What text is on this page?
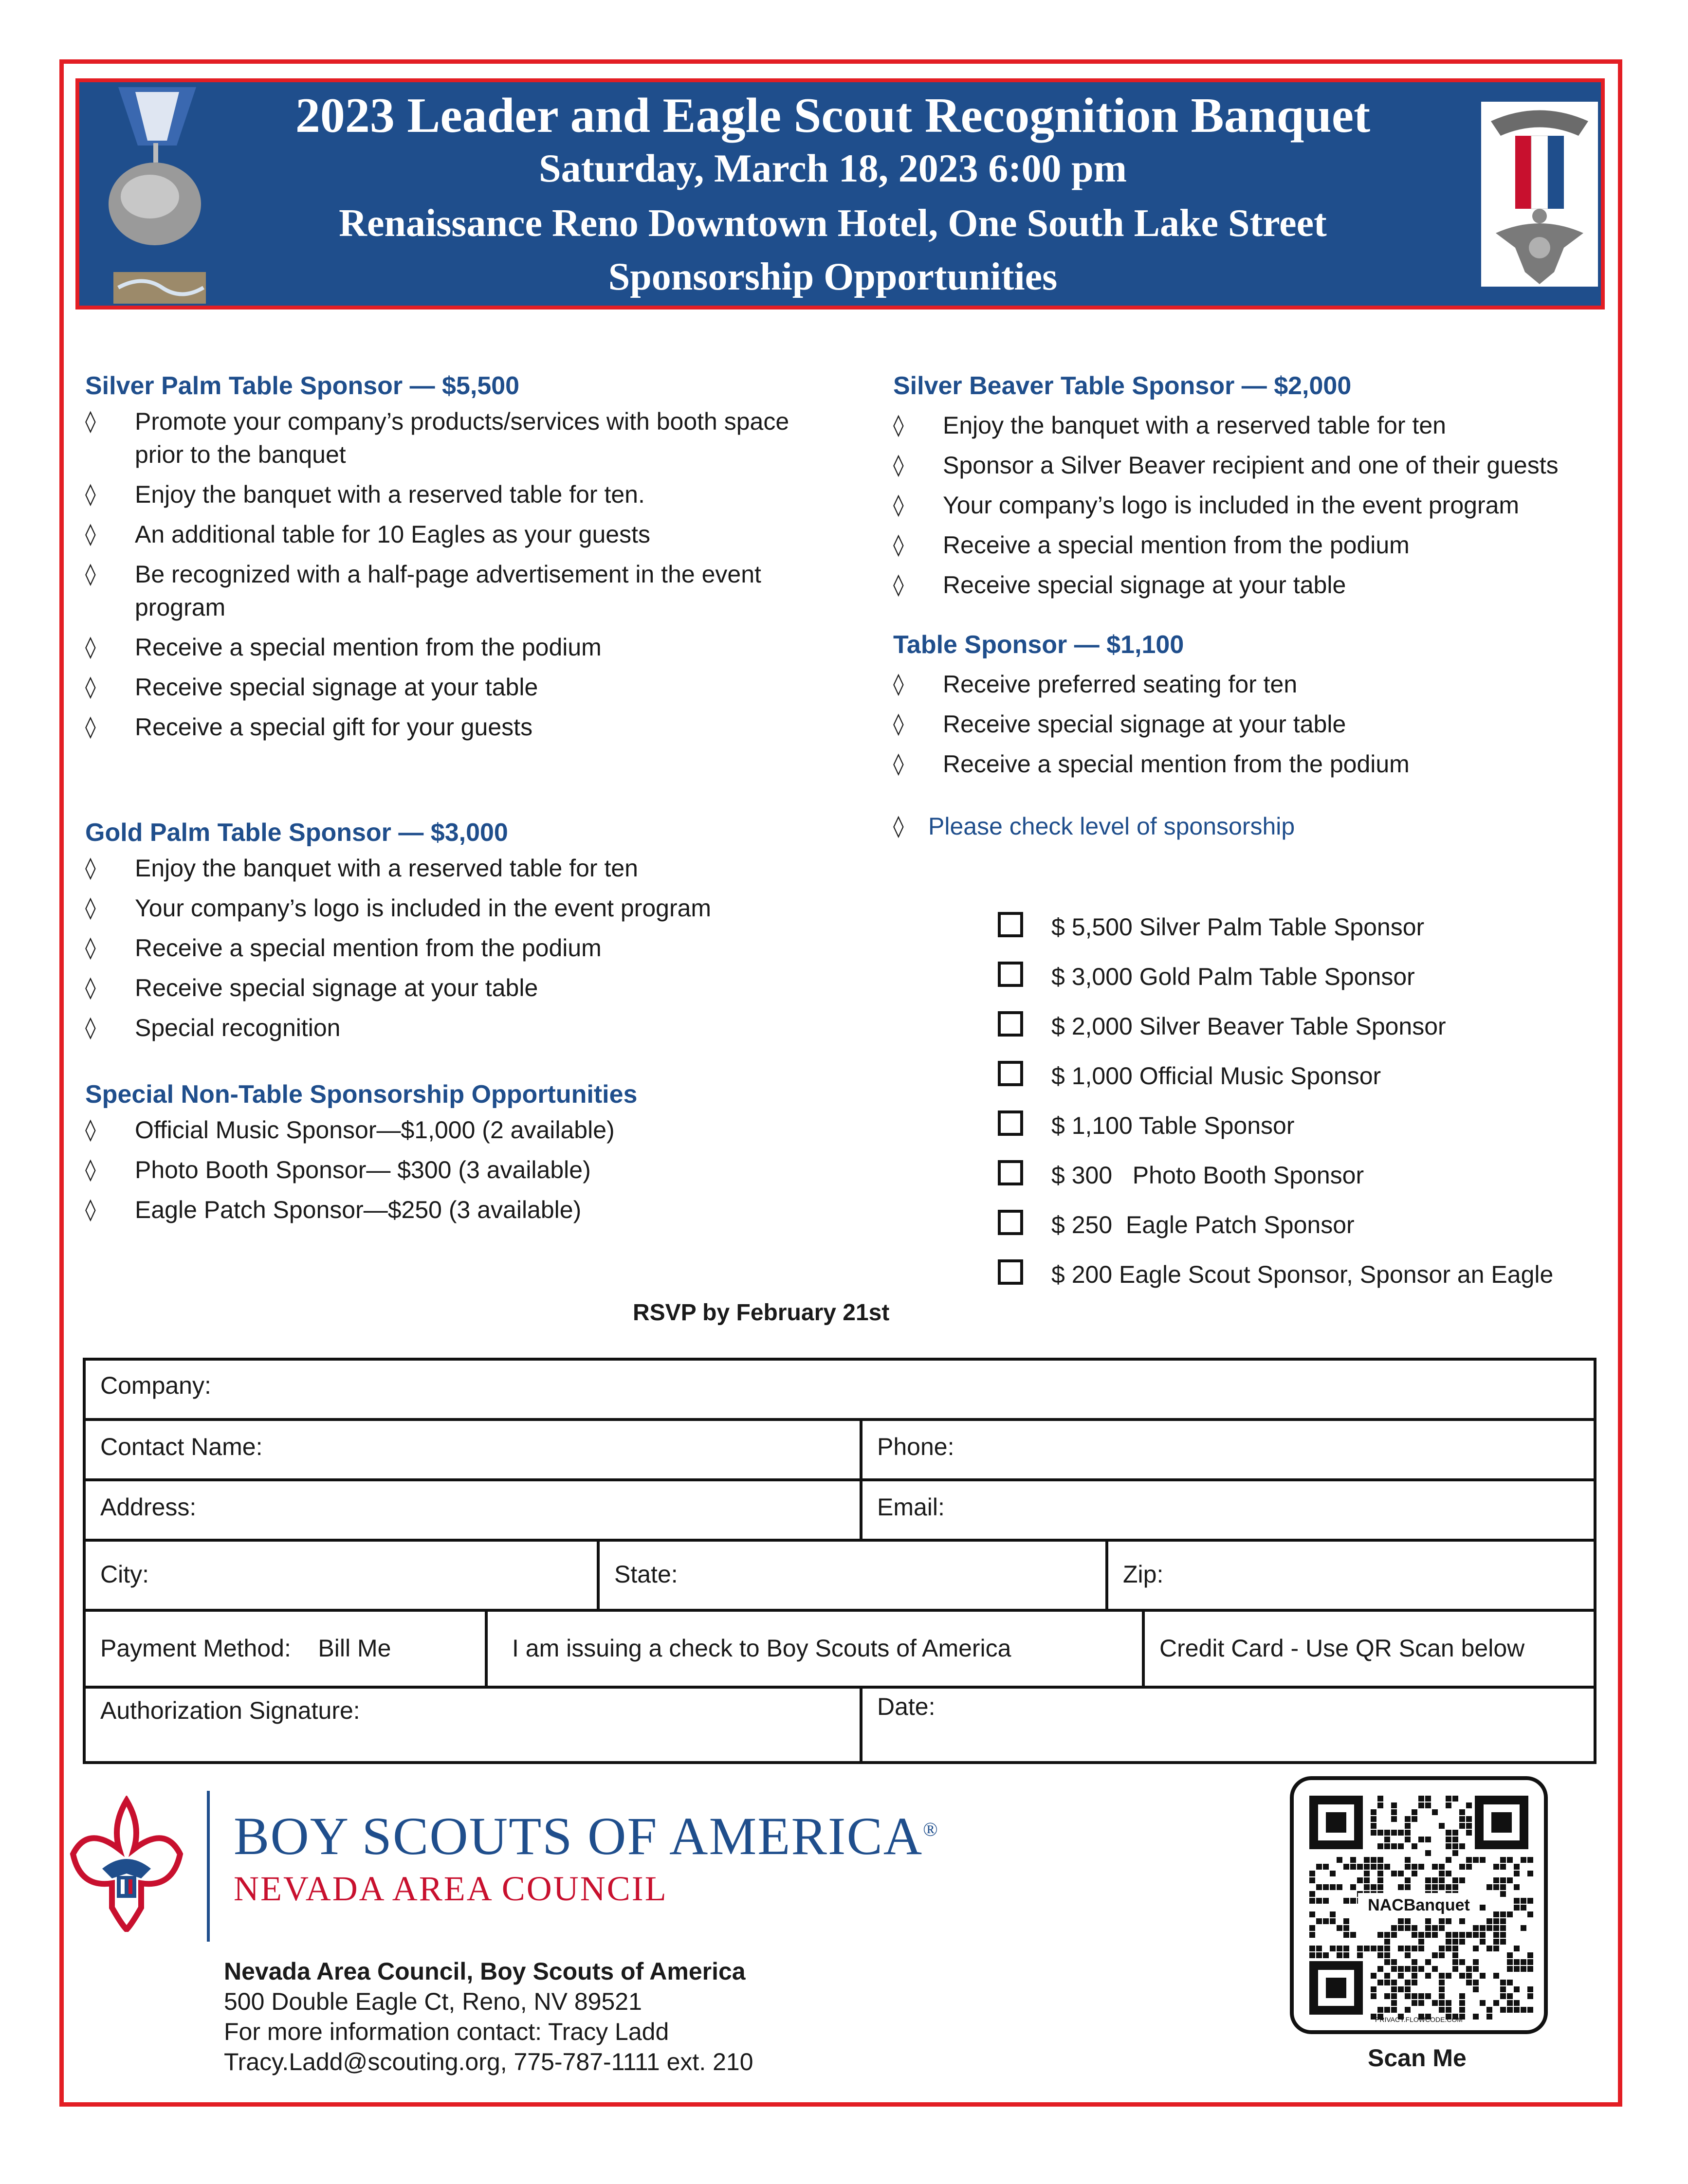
2023 Leader and Eagle Scout Recognition Banquet
Saturday, March 18, 2023 6:00 pm
Renaissance Reno Downtown Hotel, One South Lake Street
Sponsorship Opportunities

Silver Palm Table Sponsor — $5,500

◊ Promote your company’s products/services with booth space prior to the banquet
◊ Enjoy the banquet with a reserved table for ten.
◊ An additional table for 10 Eagles as your guests
◊ Be recognized with a half-page advertisement in the event program
◊ Receive a special mention from the podium
◊ Receive special signage at your table
◊ Receive a special gift for your guests

Gold Palm Table Sponsor — $3,000

◊ Enjoy the banquet with a reserved table for ten
◊ Your company’s logo is included in the event program
◊ Receive a special mention from the podium
◊ Receive special signage at your table
◊ Special recognition

Special Non-Table Sponsorship Opportunities

◊ Official Music Sponsor—$1,000 (2 available)
◊ Photo Booth Sponsor— $300 (3 available)
◊ Eagle Patch Sponsor—$250 (3 available)

Silver Beaver Table Sponsor — $2,000

◊ Enjoy the banquet with a reserved table for ten
◊ Sponsor a Silver Beaver recipient and one of their guests
◊ Your company’s logo is included in the event program
◊ Receive a special mention from the podium
◊ Receive special signage at your table

Table Sponsor — $1,100

◊ Receive preferred seating for ten
◊ Receive special signage at your table
◊ Receive a special mention from the podium
◊ Please check level of sponsorship
$ 5,500 Silver Palm Table Sponsor
$ 3,000 Gold Palm Table Sponsor
$ 2,000 Silver Beaver Table Sponsor
$ 1,000 Official Music Sponsor
$ 1,100 Table Sponsor
$ 300   Photo Booth Sponsor
$ 250  Eagle Patch Sponsor
$ 200 Eagle Scout Sponsor, Sponsor an Eagle
RSVP by February 21st
Company:
Contact Name:	Phone:
Address:	Email:
City:	State:	Zip:
Payment Method:    Bill Me	I am issuing a check to Boy Scouts of America	Credit Card - Use QR Scan below
Authorization Signature:	Date:
BOY SCOUTS OF AMERICA®
NEVADA AREA COUNCIL
Nevada Area Council, Boy Scouts of America
500 Double Eagle Ct, Reno, NV 89521
For more information contact: Tracy Ladd
Tracy.Ladd@scouting.org, 775-787-1111 ext. 210
NACBanquet
PRIVACY.FLOWCODE.COM
Scan Me
